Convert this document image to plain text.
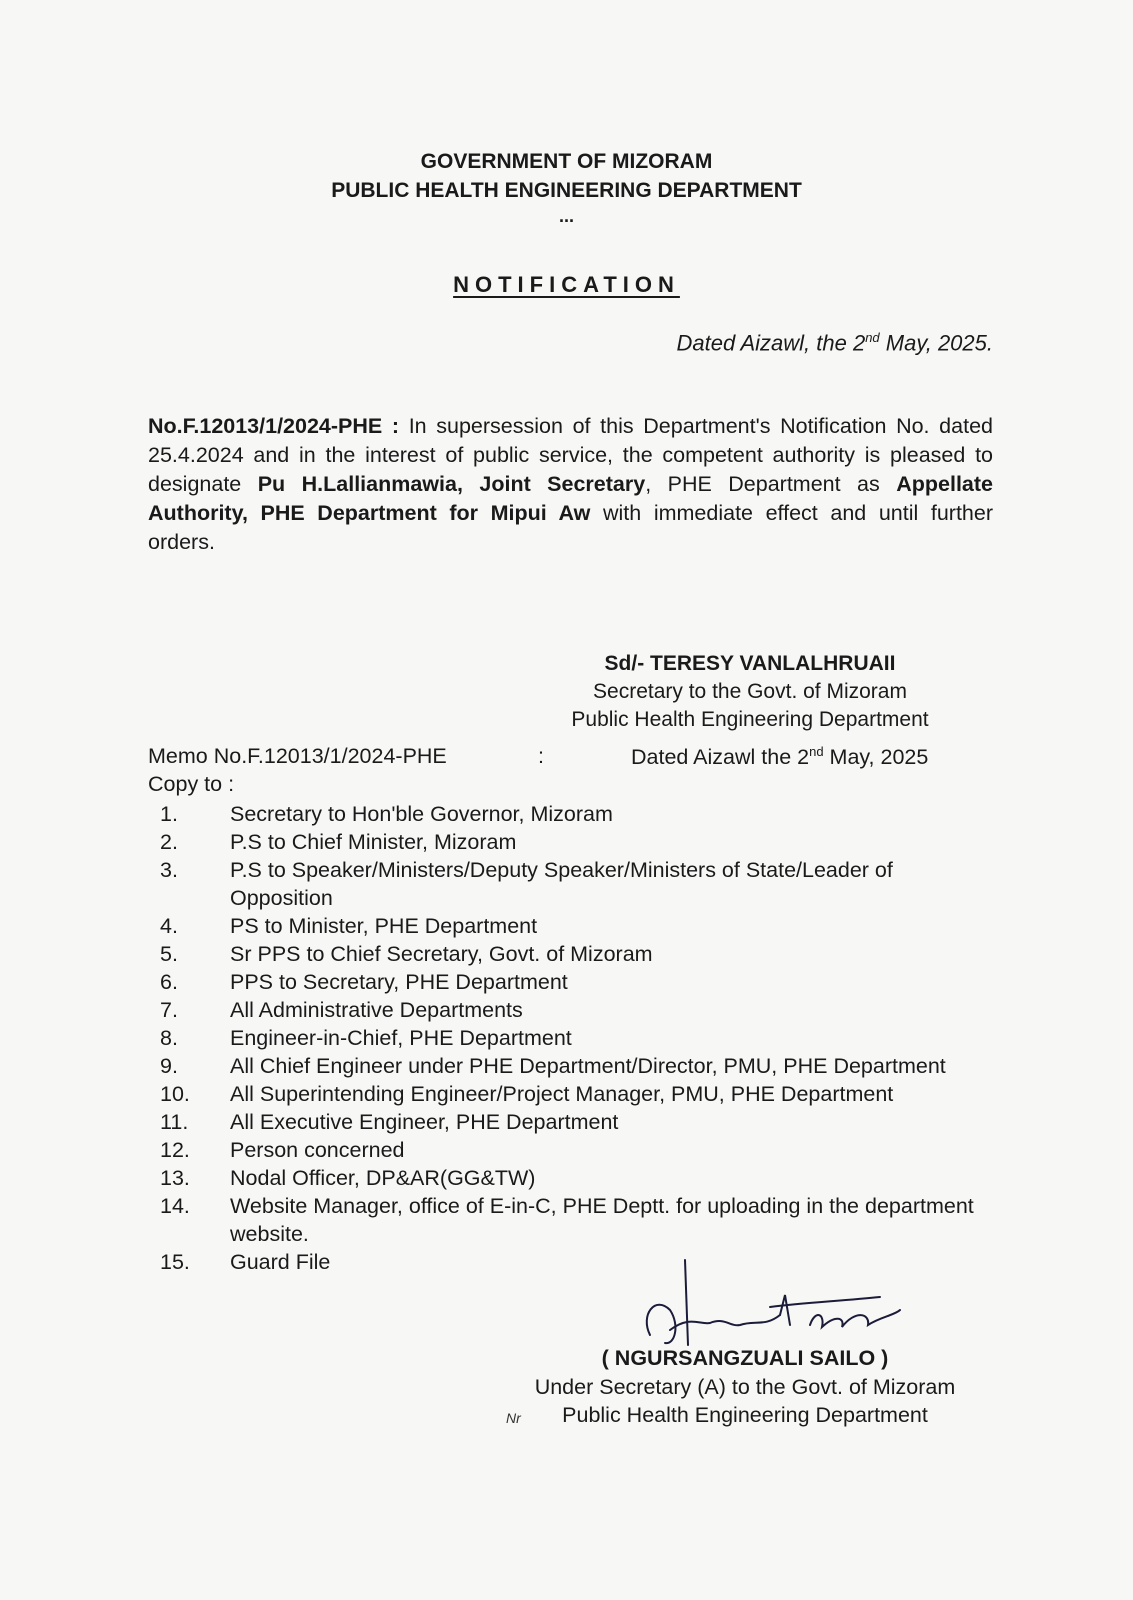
GOVERNMENT OF MIZORAM
PUBLIC HEALTH ENGINEERING DEPARTMENT
...
NOTIFICATION
Dated Aizawl, the 2nd May, 2025.
No.F.12013/1/2024-PHE : In supersession of this Department's Notification No. dated 25.4.2024 and in the interest of public service, the competent authority is pleased to designate Pu H.Lallianmawia, Joint Secretary, PHE Department as Appellate Authority, PHE Department for Mipui Aw with immediate effect and until further orders.
Sd/- TERESY VANLALHRUAII
Secretary to the Govt. of Mizoram
Public Health Engineering Department
Memo No.F.12013/1/2024-PHE	:	Dated Aizawl the 2nd May, 2025
Copy to :
1.	Secretary to Hon'ble Governor, Mizoram
2.	P.S to Chief Minister, Mizoram
3.	P.S to Speaker/Ministers/Deputy Speaker/Ministers of State/Leader of Opposition
4.	PS to Minister, PHE Department
5.	Sr PPS to Chief Secretary, Govt. of Mizoram
6.	PPS to Secretary, PHE Department
7.	All Administrative Departments
8.	Engineer-in-Chief, PHE Department
9.	All Chief Engineer under PHE Department/Director, PMU, PHE Department
10.	All Superintending Engineer/Project Manager, PMU, PHE Department
11.	All Executive Engineer, PHE Department
12.	Person concerned
13.	Nodal Officer, DP&AR(GG&TW)
14.	Website Manager, office of E-in-C, PHE Deptt. for uploading in the department website.
15.	Guard File
( NGURSANGZUALI SAILO )
Under Secretary (A) to the Govt. of Mizoram
Public Health Engineering Department
Nr
